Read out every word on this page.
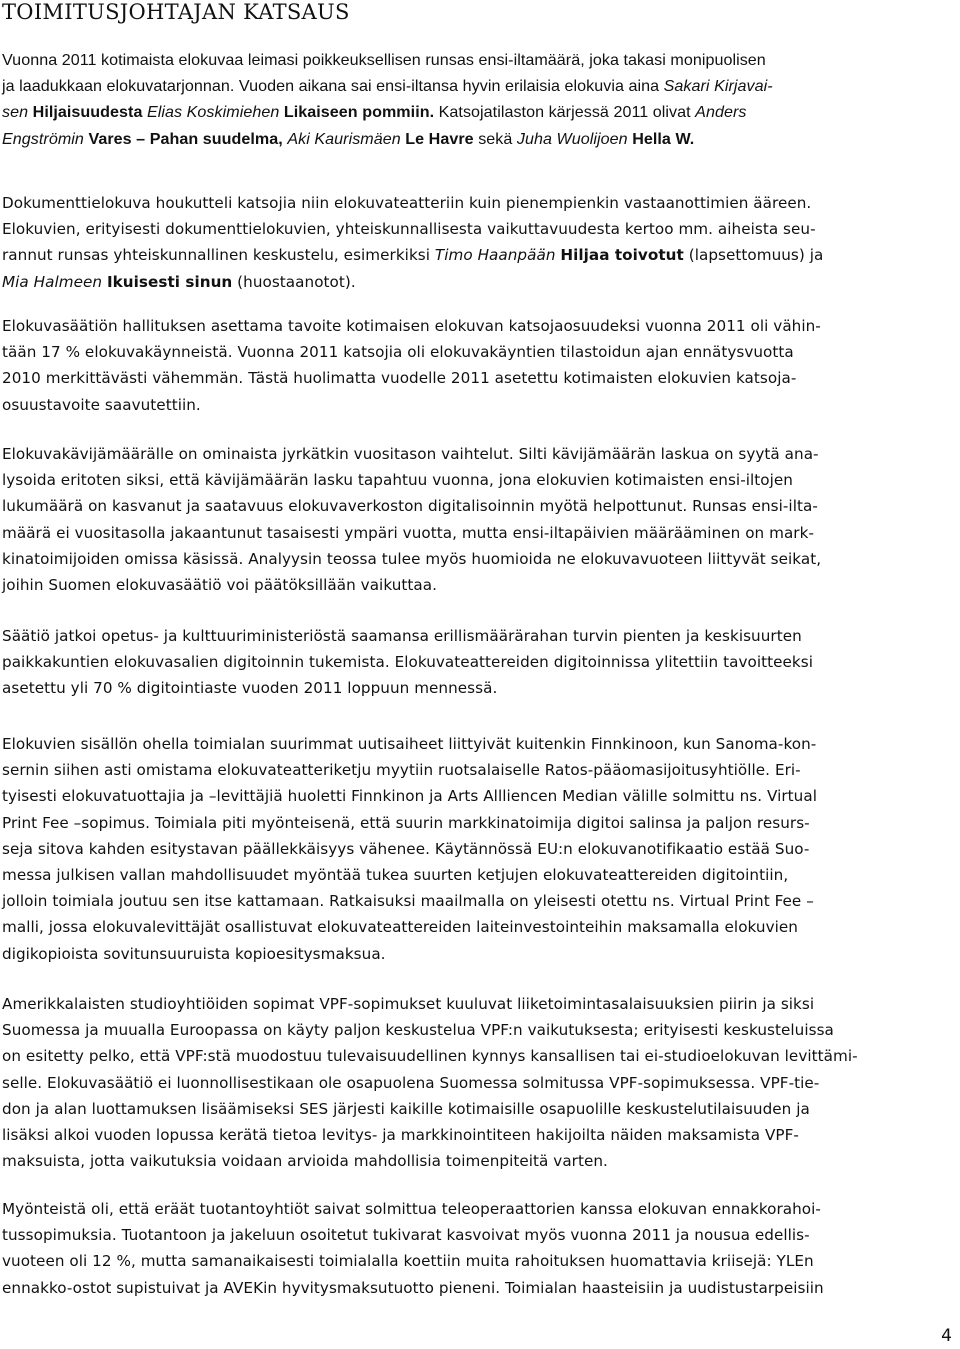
TOIMITUSJOHTAJAN KATSAUS

Vuonna 2011 kotimaista elokuvaa leimasi poikkeuksellisen runsas ensi-iltamäärä, joka takasi monipuolisen
ja laadukkaan elokuvatarjonnan. Vuoden aikana sai ensi-iltansa hyvin erilaisia elokuvia aina Sakari Kirjavai-
sen Hiljaisuudesta Elias Koskimiehen Likaiseen pommiin. Katsojatilaston kärjessä 2011 olivat Anders
Engströmin Vares – Pahan suudelma, Aki Kaurismäen Le Havre sekä Juha Wuolijoen Hella W.

Dokumenttielokuva houkutteli katsojia niin elokuvateatteriin kuin pienempienkin vastaanottimien ääreen.
Elokuvien, erityisesti dokumenttielokuvien, yhteiskunnallisesta vaikuttavuudesta kertoo mm. aiheista seu-
rannut runsas yhteiskunnallinen keskustelu, esimerkiksi Timo Haanpään Hiljaa toivotut (lapsettomuus) ja
Mia Halmeen Ikuisesti sinun (huostaanotot).

Elokuvasäätiön hallituksen asettama tavoite kotimaisen elokuvan katsojaosuudeksi vuonna 2011 oli vähin-
tään 17 % elokuvakäynneistä. Vuonna 2011 katsojia oli elokuvakäyntien tilastoidun ajan ennätysvuotta
2010 merkittävästi vähemmän. Tästä huolimatta vuodelle 2011 asetettu kotimaisten elokuvien katsoja-
osuustavoite saavutettiin.

Elokuvakävijämäärälle on ominaista jyrkätkin vuositason vaihtelut. Silti kävijämäärän laskua on syytä ana-
lysoida eritoten siksi, että kävijämäärän lasku tapahtuu vuonna, jona elokuvien kotimaisten ensi-iltojen
lukumäärä on kasvanut ja saatavuus elokuvaverkoston digitalisoinnin myötä helpottunut. Runsas ensi-ilta-
määrä ei vuositasolla jakaantunut tasaisesti ympäri vuotta, mutta ensi-iltapäivien määrääminen on mark-
kinatoimijoiden omissa käsissä. Analyysin teossa tulee myös huomioida ne elokuvavuoteen liittyvät seikat,
joihin Suomen elokuvasäätiö voi päätöksillään vaikuttaa.

Säätiö jatkoi opetus- ja kulttuuriministeriöstä saamansa erillismäärärahan turvin pienten ja keskisuurten
paikkakuntien elokuvasalien digitoinnin tukemista. Elokuvateattereiden digitoinnissa ylitettiin tavoitteeksi
asetettu yli 70 % digitointiaste vuoden 2011 loppuun mennessä.

Elokuvien sisällön ohella toimialan suurimmat uutisaiheet liittyivät kuitenkin Finnkinoon, kun Sanoma-kon-
sernin siihen asti omistama elokuvateatteriketju myytiin ruotsalaiselle Ratos-pääomasijoitusyhtiölle. Eri-
tyisesti elokuvatuottajia ja –levittäjiä huoletti Finnkinon ja Arts Allliencen Median välille solmittu ns. Virtual
Print Fee –sopimus. Toimiala piti myönteisenä, että suurin markkinatoimija digitoi salinsa ja paljon resurs-
seja sitova kahden esitystavan päällekkäisyys vähenee. Käytännössä EU:n elokuvanotifikaatio estää Suo-
messa julkisen vallan mahdollisuudet myöntää tukea suurten ketjujen elokuvateattereiden digitointiin,
jolloin toimiala joutuu sen itse kattamaan. Ratkaisuksi maailmalla on yleisesti otettu ns. Virtual Print Fee –
malli, jossa elokuvalevittäjät osallistuvat elokuvateattereiden laiteinvestointeihin maksamalla elokuvien
digikopioista sovitunsuuruista kopioesitysmaksua.

Amerikkalaisten studioyhtiöiden sopimat VPF-sopimukset kuuluvat liiketoimintasalaisuuksien piirin ja siksi
Suomessa ja muualla Euroopassa on käyty paljon keskustelua VPF:n vaikutuksesta; erityisesti keskusteluissa
on esitetty pelko, että VPF:stä muodostuu tulevaisuudellinen kynnys kansallisen tai ei-studioelokuvan levittämi-
selle. Elokuvasäätiö ei luonnollisestikaan ole osapuolena Suomessa solmitussa VPF-sopimuksessa. VPF-tie-
don ja alan luottamuksen lisäämiseksi SES järjesti kaikille kotimaisille osapuolille keskustelutilaisuuden ja
lisäksi alkoi vuoden lopussa kerätä tietoa levitys- ja markkinointiteen hakijoilta näiden maksamista VPF-
maksuista, jotta vaikutuksia voidaan arvioida mahdollisia toimenpiteitä varten.

Myönteistä oli, että eräät tuotantoyhtiöt saivat solmittua teleoperaattorien kanssa elokuvan ennakkorahoi-
tussopimuksia. Tuotantoon ja jakeluun osoitetut tukivarat kasvoivat myös vuonna 2011 ja nousua edellis-
vuoteen oli 12 %, mutta samanaikaisesti toimialalla koettiin muita rahoituksen huomattavia kriisejä: YLEn
ennakko-ostot supistuivat ja AVEKin hyvitysmaksutuotto pieneni. Toimialan haasteisiin ja uudistustarpeisiin

4
